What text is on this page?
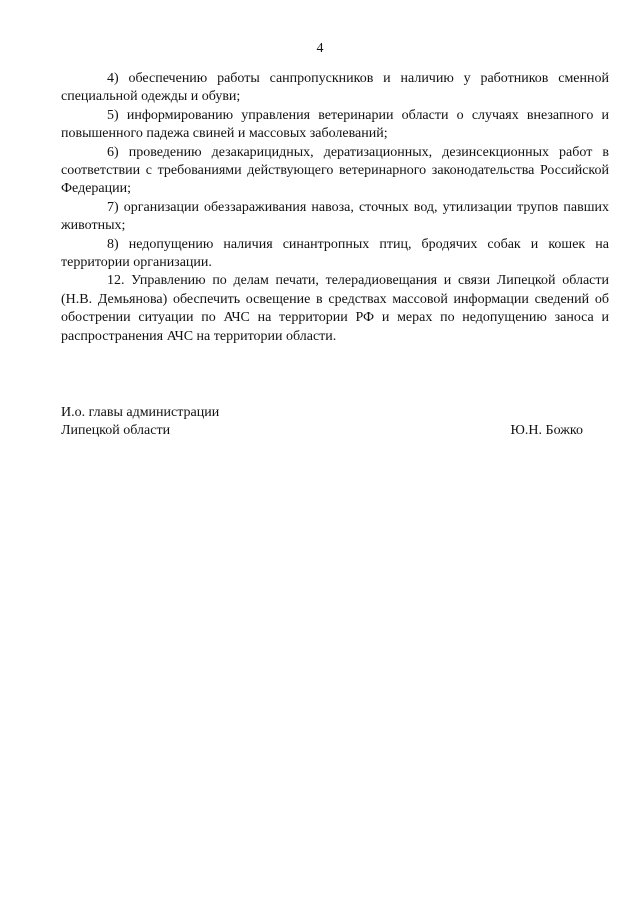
4

4) обеспечению работы санпропускников и наличию у работников сменной специальной одежды и обуви;

5) информированию управления ветеринарии области о случаях внезапного и повышенного падежа свиней и массовых заболеваний;

6) проведению дезакарицидных, дератизационных, дезинсекционных работ в соответствии с требованиями действующего ветеринарного законодательства Российской Федерации;

7) организации обеззараживания навоза, сточных вод, утилизации трупов павших животных;

8) недопущению наличия синантропных птиц, бродячих собак и кошек на территории организации.

12. Управлению по делам печати, телерадиовещания и связи Липецкой области (Н.В. Демьянова) обеспечить освещение в средствах массовой информации сведений об обострении ситуации по АЧС на территории РФ и мерах по недопущению заноса и распространения АЧС на территории области.

И.о. главы администрации
Липецкой области	Ю.Н. Божко
